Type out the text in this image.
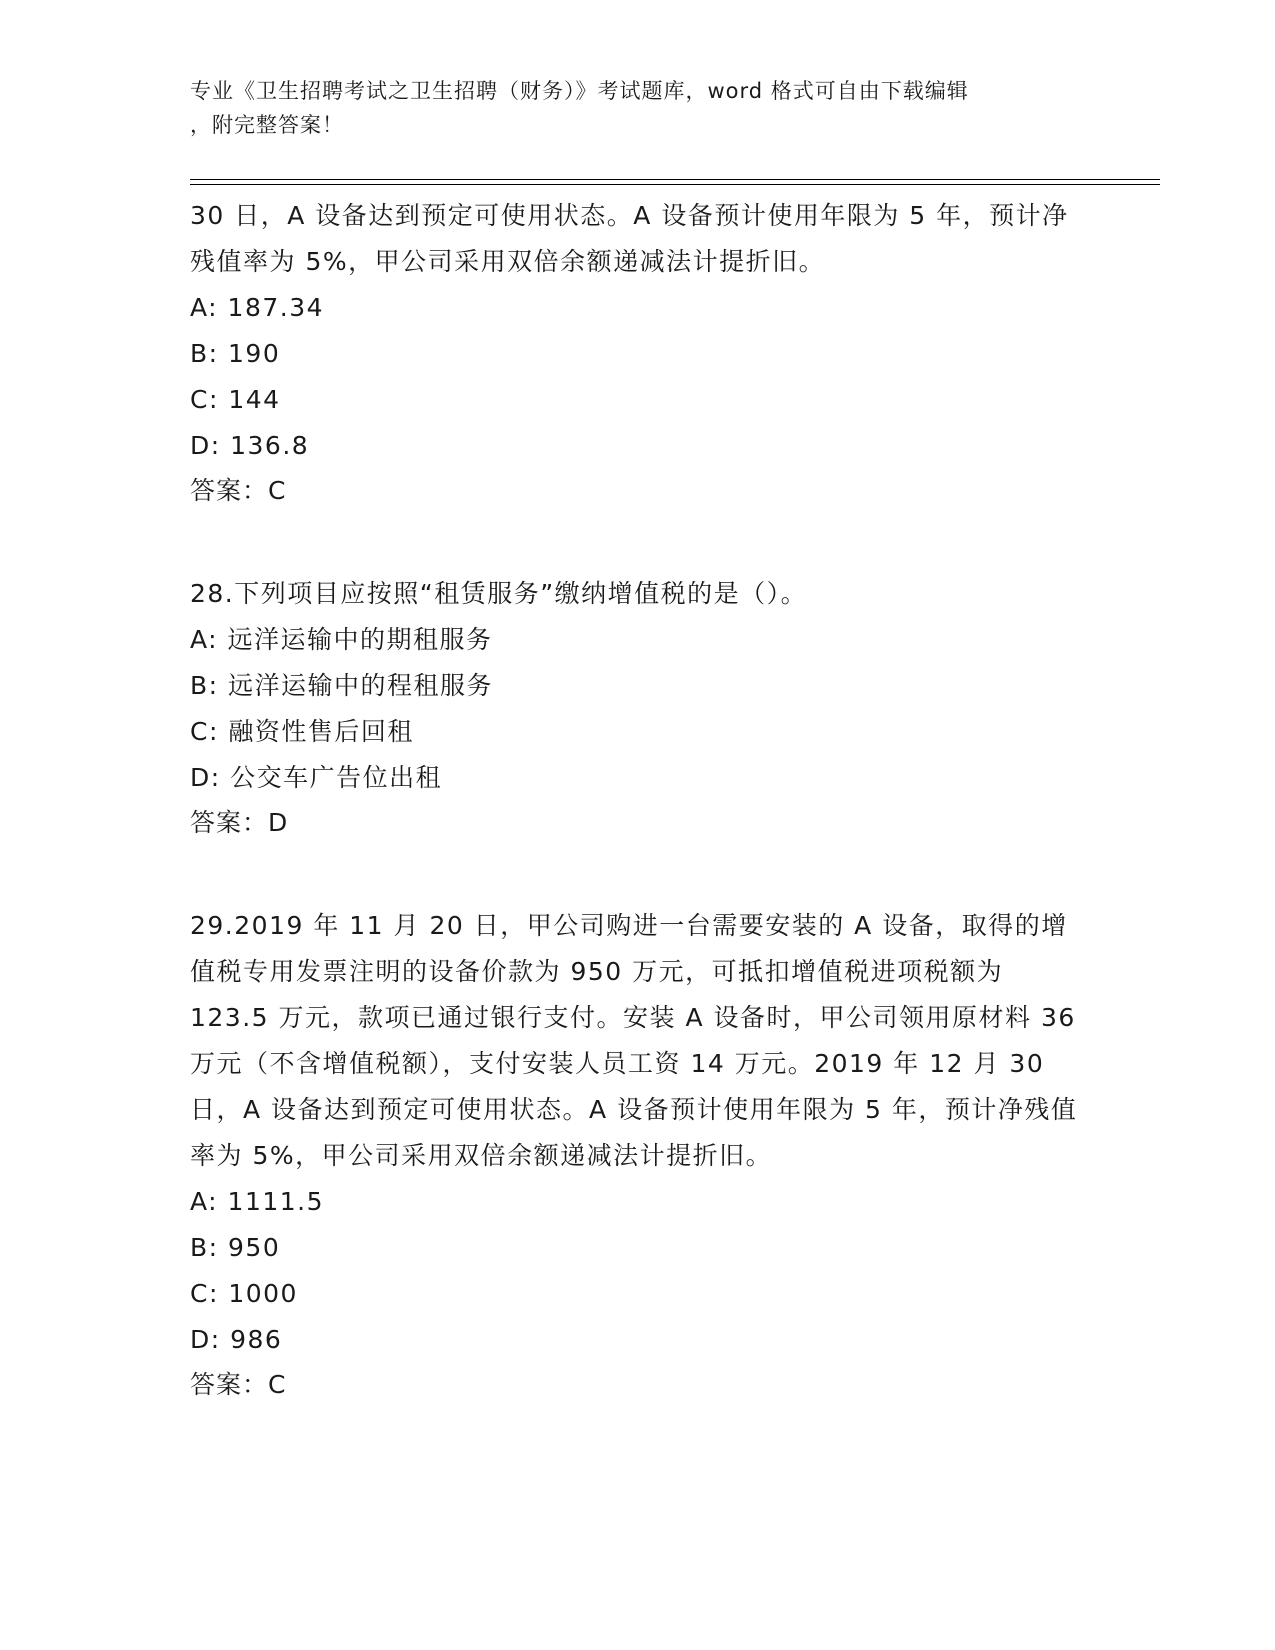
专业《卫生招聘考试之卫生招聘（财务）》考试题库，word 格式可自由下载编辑
，附完整答案！

30 日，A 设备达到预定可使用状态。A 设备预计使用年限为 5 年，预计净残值率为 5%，甲公司采用双倍余额递减法计提折旧。

A: 187.34

B: 190

C: 144

D: 136.8

答案：C

28.下列项目应按照“租赁服务”缴纳增值税的是（）。

A: 远洋运输中的期租服务

B: 远洋运输中的程租服务

C: 融资性售后回租

D: 公交车广告位出租

答案：D

29.2019 年 11 月 20 日，甲公司购进一台需要安装的 A 设备，取得的增值税专用发票注明的设备价款为 950 万元，可抵扣增值税进项税额为 123.5 万元，款项已通过银行支付。安装 A 设备时，甲公司领用原材料 36 万元（不含增值税额），支付安装人员工资 14 万元。2019 年 12 月 30 日，A 设备达到预定可使用状态。A 设备预计使用年限为 5 年，预计净残值率为 5%，甲公司采用双倍余额递减法计提折旧。

A: 1111.5

B: 950

C: 1000

D: 986

答案：C
